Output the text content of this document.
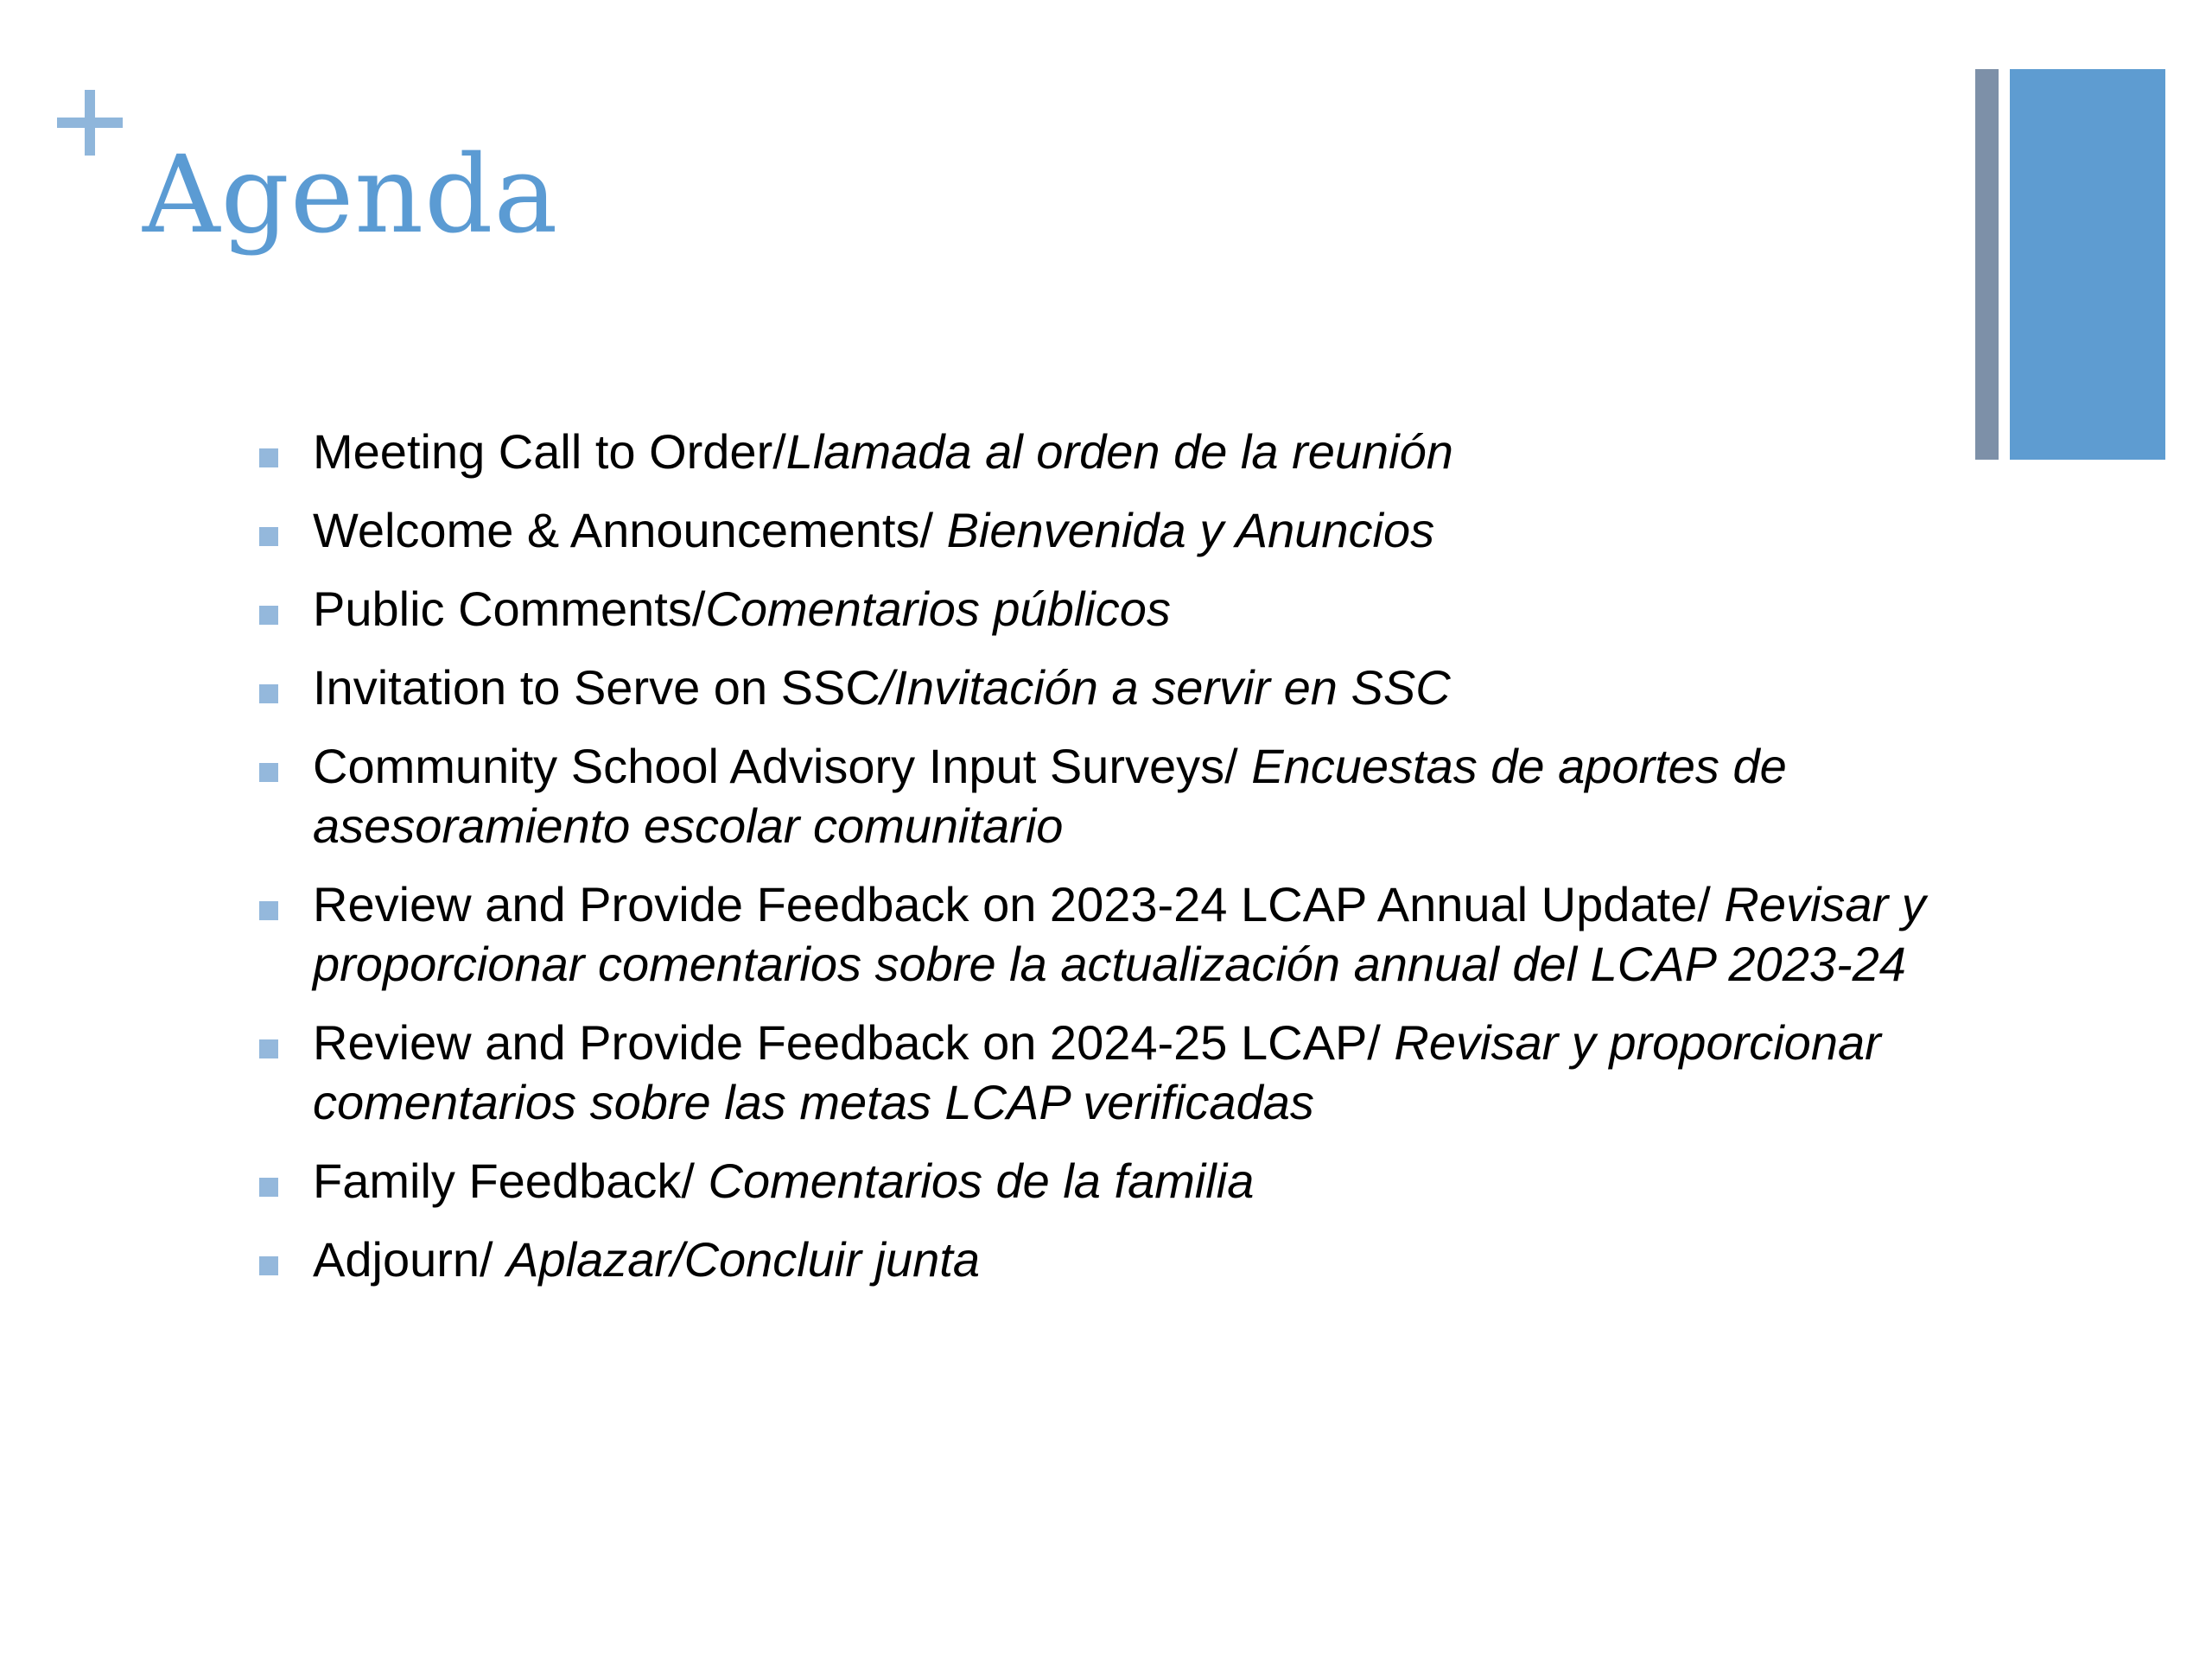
Agenda
Meeting Call to Order/Llamada al orden de la reunión
Welcome & Announcements/ Bienvenida y Anuncios
Public Comments/Comentarios públicos
Invitation to Serve on SSC/Invitación a servir en SSC
Community School Advisory Input Surveys/ Encuestas de aportes de asesoramiento escolar comunitario
Review and Provide Feedback on 2023-24 LCAP Annual Update/ Revisar y proporcionar comentarios sobre la actualización annual del LCAP 2023-24
Review and Provide Feedback on 2024-25 LCAP/ Revisar y proporcionar comentarios sobre las metas LCAP verificadas
Family Feedback/ Comentarios de la familia
Adjourn/ Aplazar/Concluir junta
